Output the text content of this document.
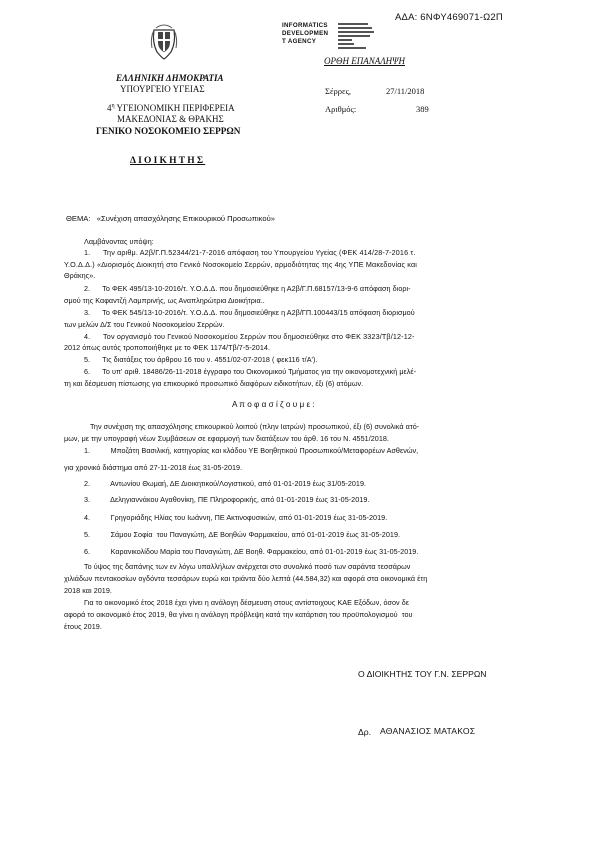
ΑΔΑ: 6ΝΦΥ469071-Ω2Π
INFORMATICS
DEVELOPMEN
T AGENCY
ΟΡΘΗ ΕΠΑΝΑΛΗΨΗ
ΕΛΛΗΝΙΚΗ ΔΗΜΟΚΡΑΤΙΑ
ΥΠΟΥΡΓΕΙΟ ΥΓΕΙΑΣ
$4^\eta$ ΥΓΕΙΟΝΟΜΙΚΗ ΠΕΡΙΦΕΡΕΙΑ
ΜΑΚΕΔΟΝΙΑΣ & ΘΡΑΚΗΣ
ΓΕΝΙΚΟ ΝΟΣΟΚΟΜΕΙΟ ΣΕΡΡΩΝ
ΔΙΟΙΚΗΤΗΣ
Σέρρες,	27/11/2018
Αριθμός:	389
ΘΕΜΑ:   «Συνέχιση απασχόλησης Επικουρικού Προσωπικού»
Λαμβάνοντας υπόψη:
1.      Την αριθμ. Α2β/Γ.Π.52344/21-7-2016 απόφαση του Υπουργείου Υγείας (ΦΕΚ 414/28-7-2016 τ.
Υ.Ο.Δ.Δ.) «Διορισμός Διοικητή στο Γενικό Νοσοκομείο Σερρών, αρμοδιότητας της 4ης ΥΠΕ Μακεδονίας και
Θράκης».
2.      Το ΦΕΚ 495/13-10-2016/τ. Υ.Ο.Δ.Δ. που δημοσιεύθηκε η Α2β/Γ.Π.68157/13-9-6 απόφαση διορι-
σμού της Καφαντζή Λαμπρινής, ως Αναπληρώτρια Διοικήτρια..
3.      Το ΦΕΚ 545/13-10-2016/τ. Υ.Ο.Δ.Δ. που δημοσιεύθηκε η Α2β/ΓΠ.100443/15 απόφαση διορισμού
των μελών Δ/Σ του Γενικού Νοσοκομείου Σερρών.
4.      Τον οργανισμό του Γενικού Νοσοκομείου Σερρών που δημοσιεύθηκε στο ΦΕΚ 3323/Τβ/12-12-
2012 όπως αυτός τροποποιήθηκε με το ΦΕΚ 1174/Τβ/7-5-2014.
5.      Τις διατάξεις του άρθρου 16 του ν. 4551/02-07-2018 ( φεκ116 τ/Α').
6.      Το υπ' αριθ. 18486/26-11-2018 έγγραφο του Οικονομικού Τμήματος για την οικονομοτεχνική μελέ-
τη και δέσμευση πίστωσης για επικουρικό προσωπικό διαφόρων ειδικοτήτων, έξι (6) ατόμων.
Α π ο φ α σ ί ζ ο υ μ ε :
Την συνέχιση της απασχόλησης επικουρικού λοιπού (πλην Ιατρών) προσωπικού, έξι (6) συνολικά ατό-
μων, με την υπογραφή νέων Συμβάσεων σε εφαρμογή των διατάξεων του άρθ. 16 του Ν. 4551/2018.
1.          Μποζάτη Βασιλική, κατηγορίας και κλάδου ΥΕ Βοηθητικού Προσωπικού/Μεταφορέων Ασθενών,
για χρονικό διάστημα από 27-11-2018 έως 31-05-2019.
2.          Αντωνίου Θωμαή, ΔΕ Διοικητικού/Λογιστικού, από 01-01-2019 έως 31/05-2019.
3.          Δεληγιαννάκου Αγαθονίκη, ΠΕ Πληροφορικής, από 01-01-2019 έως 31-05-2019.
4.          Γρηγοριάδης Ηλίας του Ιωάννη, ΠΕ Ακτινοφυσικών, από 01-01-2019 έως 31-05-2019.
5.          Σάμου Σοφία  του Παναγιώτη, ΔΕ Βοηθών Φαρμακείου, από 01-01-2019 έως 31-05-2019.
6.          Καρανικολίδου Μαρία του Παναγιώτη, ΔΕ Βοηθ. Φαρμακείου, από 01-01-2019 έως 31-05-2019.
Το ύψος της δαπάνης των εν λόγω υπαλλήλων ανέρχεται στο συνολικό ποσό των σαράντα τεσσάρων
χιλιάδων πεντακοσίων ογδόντα τεσσάρων ευρώ και τριάντα δύο λεπτά (44.584,32) και αφορά στα οικονομικά έτη
2018 και 2019.
Για το οικονομικό έτος 2018 έχει γίνει η ανάλογη δέσμευση στους αντίστοιχους ΚΑΕ Εξόδων, όσον δε
αφορά το οικονομικό έτος 2019, θα γίνει η ανάλογη πρόβλεψη κατά την κατάρτιση του προϋπολογισμού  του
έτους 2019.
Ο ΔΙΟΙΚΗΤΗΣ ΤΟΥ Γ.Ν. ΣΕΡΡΩΝ
Δρ. ΑΘΑΝΑΣΙΟΣ ΜΑΤΑΚΟΣ
